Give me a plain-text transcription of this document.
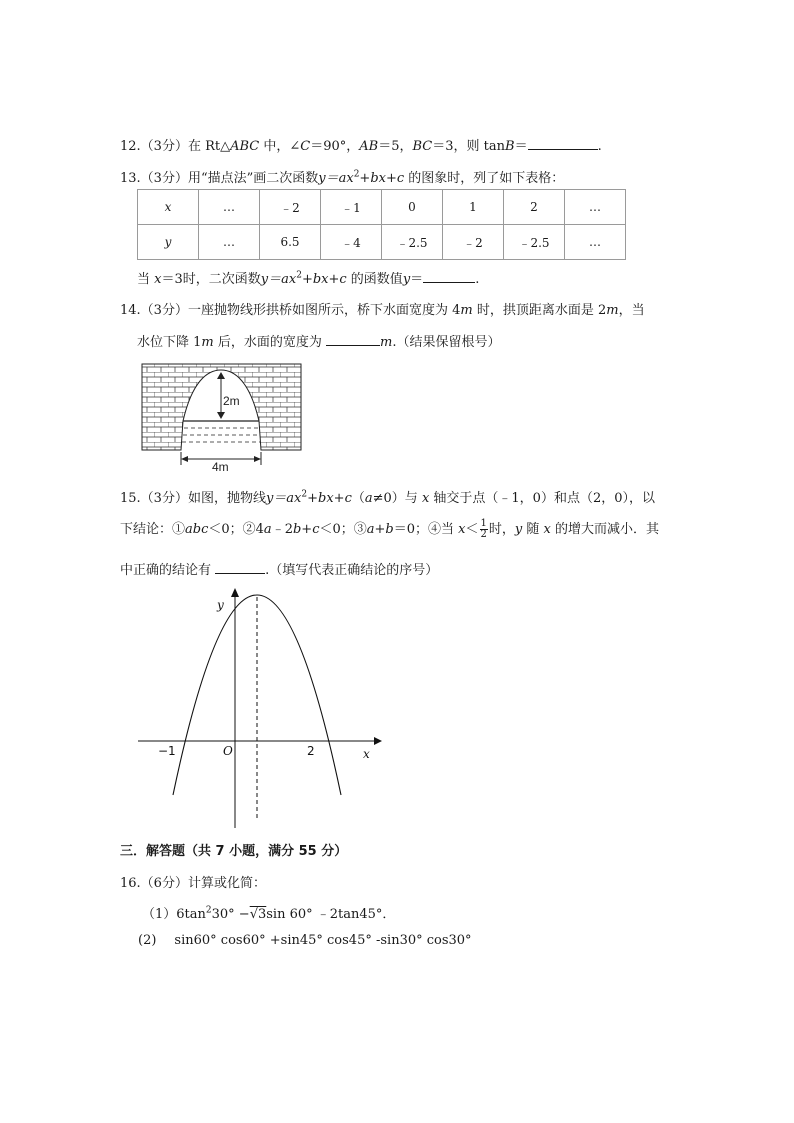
12.（3分）在 Rt△ABC 中，∠C＝90°，AB＝5，BC＝3，则 tanB＝	.
13.（3分）用“描点法”画二次函数$y=ax^2+bx+c$ 的图象时，列了如下表格：
x	…	﹣2	﹣1	0	1	2	…
y	…	6.5	﹣4	﹣2.5	﹣2	﹣2.5	…
当 x＝3时，二次函数$y=ax^2+bx+c$ 的函数值y＝	.
14.（3分）一座抛物线形拱桥如图所示，桥下水面宽度为 4m 时，拱顶距离水面是 2m，当
水位下降 1m 后，水面的宽度为	m.（结果保留根号）
2m
4m
15.（3分）如图，抛物线$y=ax^2+bx+c(a\ne 0)$与 x 轴交于点（﹣1，0）和点（2，0），以
下结论：①abc＜0；②4a﹣2b+c＜0；③a+b＝0；④当 $x< \frac{1}{2}$ 时，y 随 x 的增大而减小．其
中正确的结论有	.（填写代表正确结论的序号）
y
x
O
−1	2
三．解答题（共 7 小题，满分 55 分）
16.（6分）计算或化简：
$(1)6\tan^230^\circ -√3\sin$ 60° ﹣2tan45°．
(2) sin60° cos60° +sin45° cos45° -sin30° cos30°
